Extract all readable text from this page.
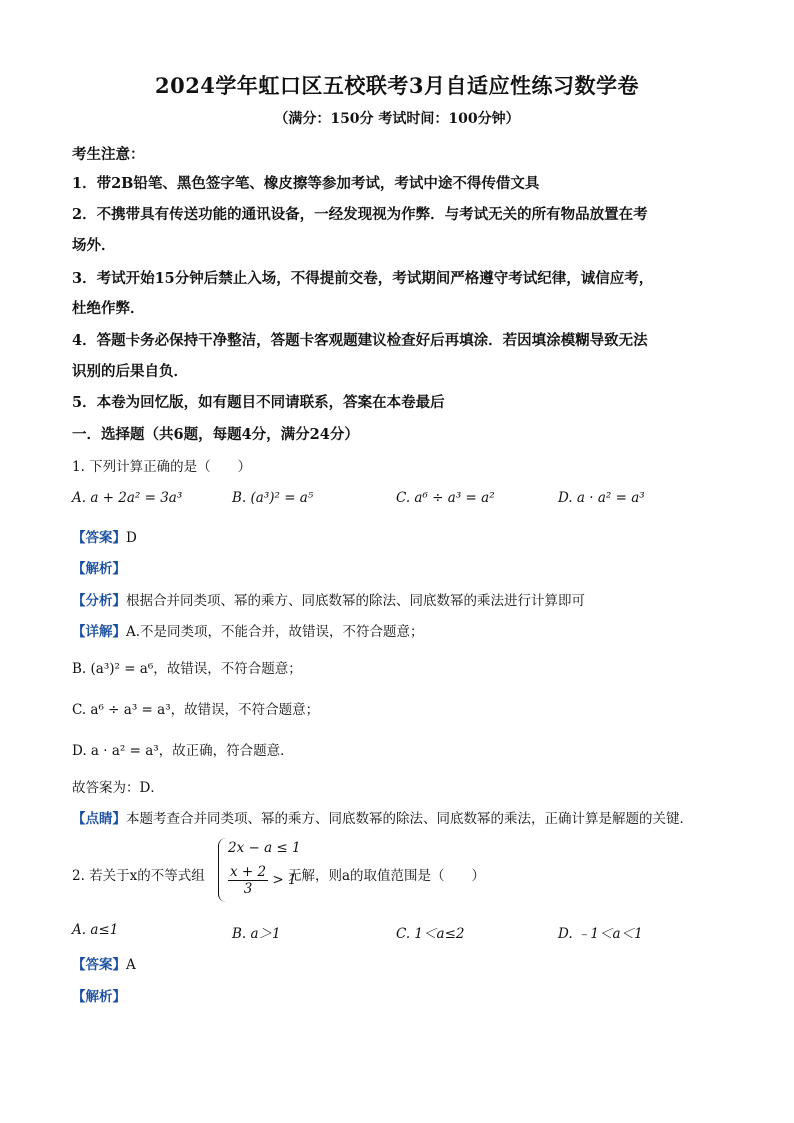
2024学年虹口区五校联考3月自适应性练习数学卷
（满分：150分 考试时间：100分钟）
考生注意：
1．带2B铅笔、黑色签字笔、橡皮擦等参加考试，考试中途不得传借文具
2．不携带具有传送功能的通讯设备，一经发现视为作弊．与考试无关的所有物品放置在考
场外．
3．考试开始15分钟后禁止入场，不得提前交卷，考试期间严格遵守考试纪律，诚信应考，
杜绝作弊．
4．答题卡务必保持干净整洁，答题卡客观题建议检查好后再填涂．若因填涂模糊导致无法
识别的后果自负．
5．本卷为回忆版，如有题目不同请联系，答案在本卷最后
一．选择题（共6题，每题4分，满分24分）
1. 下列计算正确的是（　　）
A. a + 2a² = 3a³	B. (a³)² = a⁵	C. a⁶ ÷ a³ = a²	D. a · a² = a³
【答案】D
【解析】
【分析】根据合并同类项、幂的乘方、同底数幂的除法、同底数幂的乘法进行计算即可
【详解】A.不是同类项，不能合并，故错误，不符合题意；
B. (a³)² = a⁶，故错误，不符合题意；
C. a⁶ ÷ a³ = a³，故错误，不符合题意；
D. a · a² = a³，故正确，符合题意．
故答案为：D．
【点睛】本题考查合并同类项、幂的乘方、同底数幂的除法、同底数幂的乘法，正确计算是解题的关键．
2. 若关于x的不等式组
2x − a ≤ 1
$\frac{x + 2}{3} > 1$
无解，则a的取值范围是（　　）
A. a≤1	B. a＞1	C. 1＜a≤2	D. ﹣1＜a＜1
【答案】A
【解析】
